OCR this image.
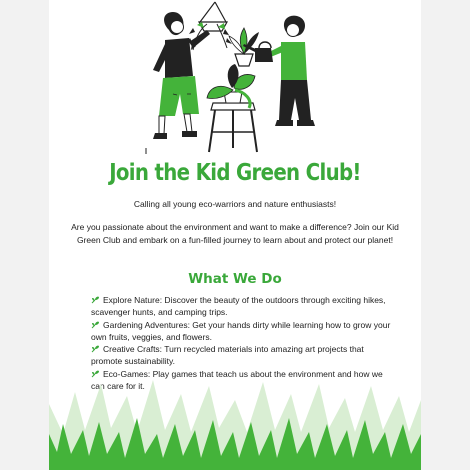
Join the Kid Green Club!

Calling all young eco-warriors and nature enthusiasts!

Are you passionate about the environment and want to make a difference? Join our Kid Green Club and embark on a fun-filled journey to learn about and protect our planet!

What We Do
Explore Nature: Discover the beauty of the outdoors through exciting hikes, scavenger hunts, and camping trips.
Gardening Adventures: Get your hands dirty while learning how to grow your own fruits, veggies, and flowers.
Creative Crafts: Turn recycled materials into amazing art projects that promote sustainability.
Eco-Games: Play games that teach us about the environment and how we can care for it.
